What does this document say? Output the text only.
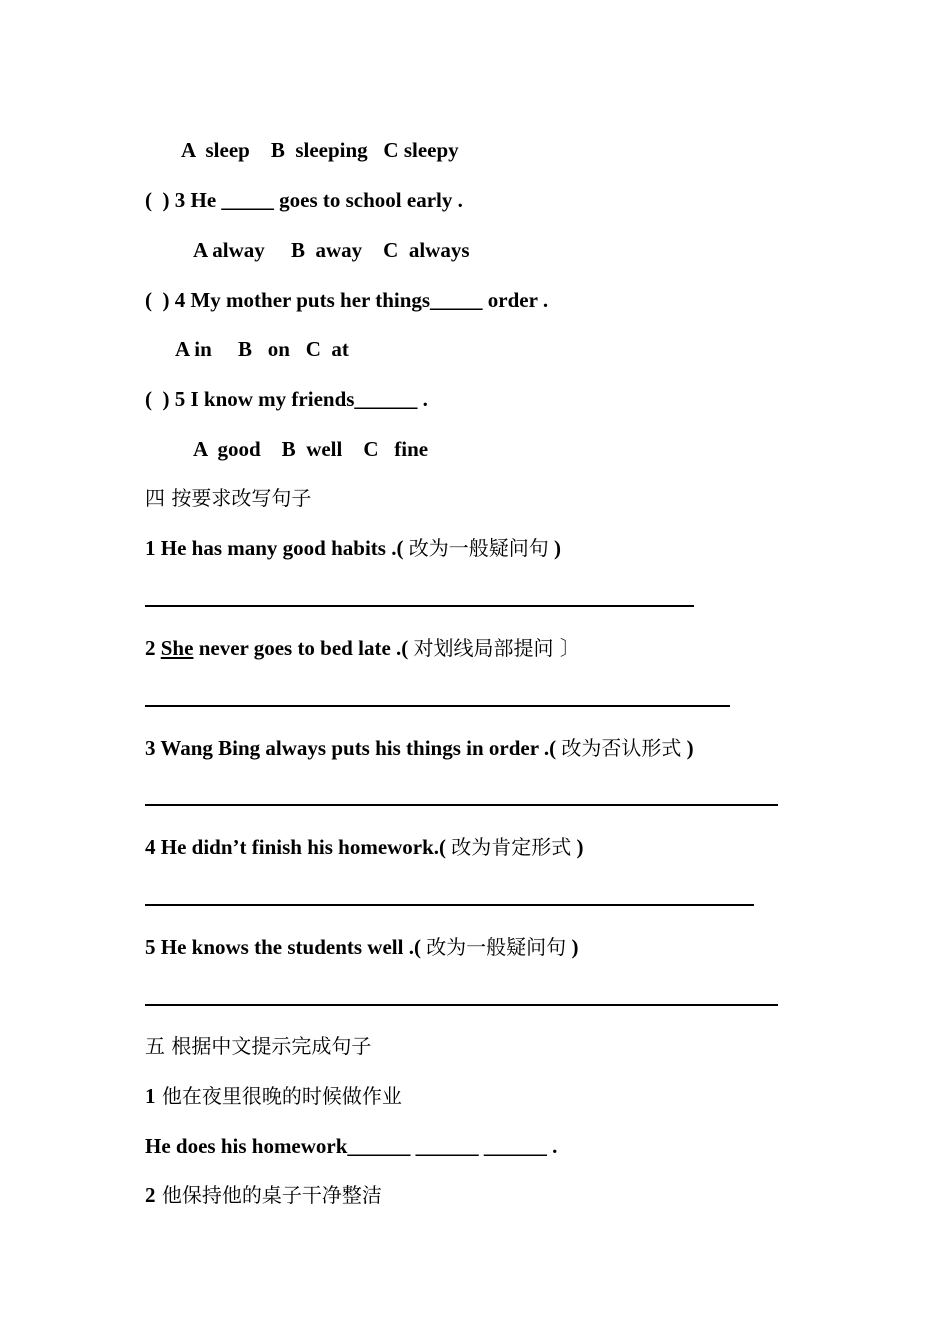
A  sleep    B  sleeping   C sleepy
(  ) 3 He _____ goes to school early .
A alway     B  away    C  always
(  ) 4 My mother puts her things_____ order .
A in     B   on   C  at
(  ) 5 I know my friends______ .
A  good    B  well    C   fine
四 按要求改写句子
1 He has many good habits .( 改为一般疑问句 )
2 She never goes to bed late .( 对划线局部提问 〕
3 Wang Bing always puts his things in order .( 改为否认形式 )
4 He didn’t finish his homework.( 改为肯定形式 )
5 He knows the students well .( 改为一般疑问句 )
五 根据中文提示完成句子
1 他在夜里很晚的时候做作业
He does his homework______ ______ ______ .
2 他保持他的桌子干净整洁
